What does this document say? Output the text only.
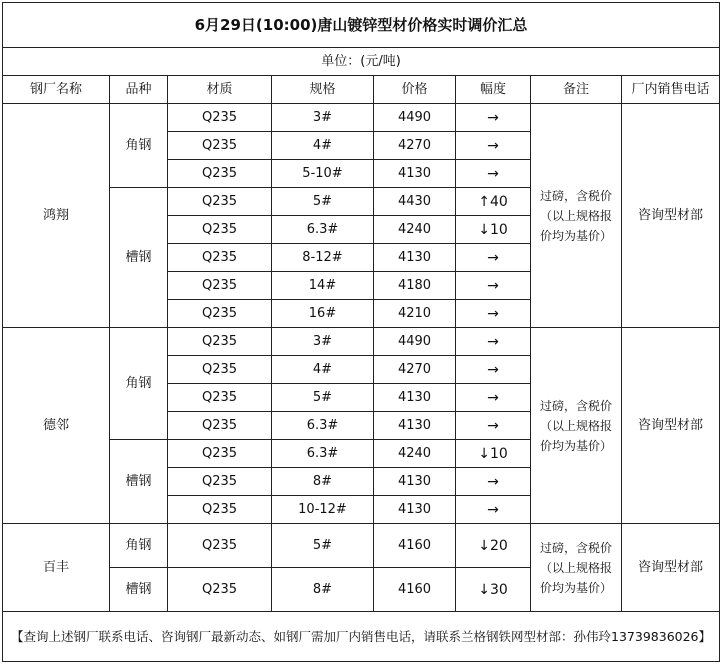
6月29日(10:00)唐山镀锌型材价格实时调价汇总							
单位：(元/吨)							
钢厂名称	品种	材质	规格	价格	幅度	备注	厂内销售电话
鸿翔	角钢	Q235	3#	4490	→	过磅，含税价（以上规格报价均为基价）	咨询型材部
		Q235	4#	4270	→		
		Q235	5-10#	4130	→		
	槽钢	Q235	5#	4430	↑40		
		Q235	6.3#	4240	↓10		
		Q235	8-12#	4130	→		
		Q235	14#	4180	→		
		Q235	16#	4210	→		
德邻	角钢	Q235	3#	4490	→	过磅，含税价（以上规格报价均为基价）	咨询型材部
		Q235	4#	4270	→		
		Q235	5#	4130	→		
		Q235	6.3#	4130	→		
	槽钢	Q235	6.3#	4240	↓10		
		Q235	8#	4130	→		
		Q235	10-12#	4130	→		
百丰	角钢	Q235	5#	4160	↓20	过磅，含税价（以上规格报价均为基价）	咨询型材部
	槽钢	Q235	8#	4160	↓30		
【查询上述钢厂联系电话、咨询钢厂最新动态、如钢厂需加厂内销售电话，请联系兰格钢铁网型材部：孙伟玲13739836026】							
